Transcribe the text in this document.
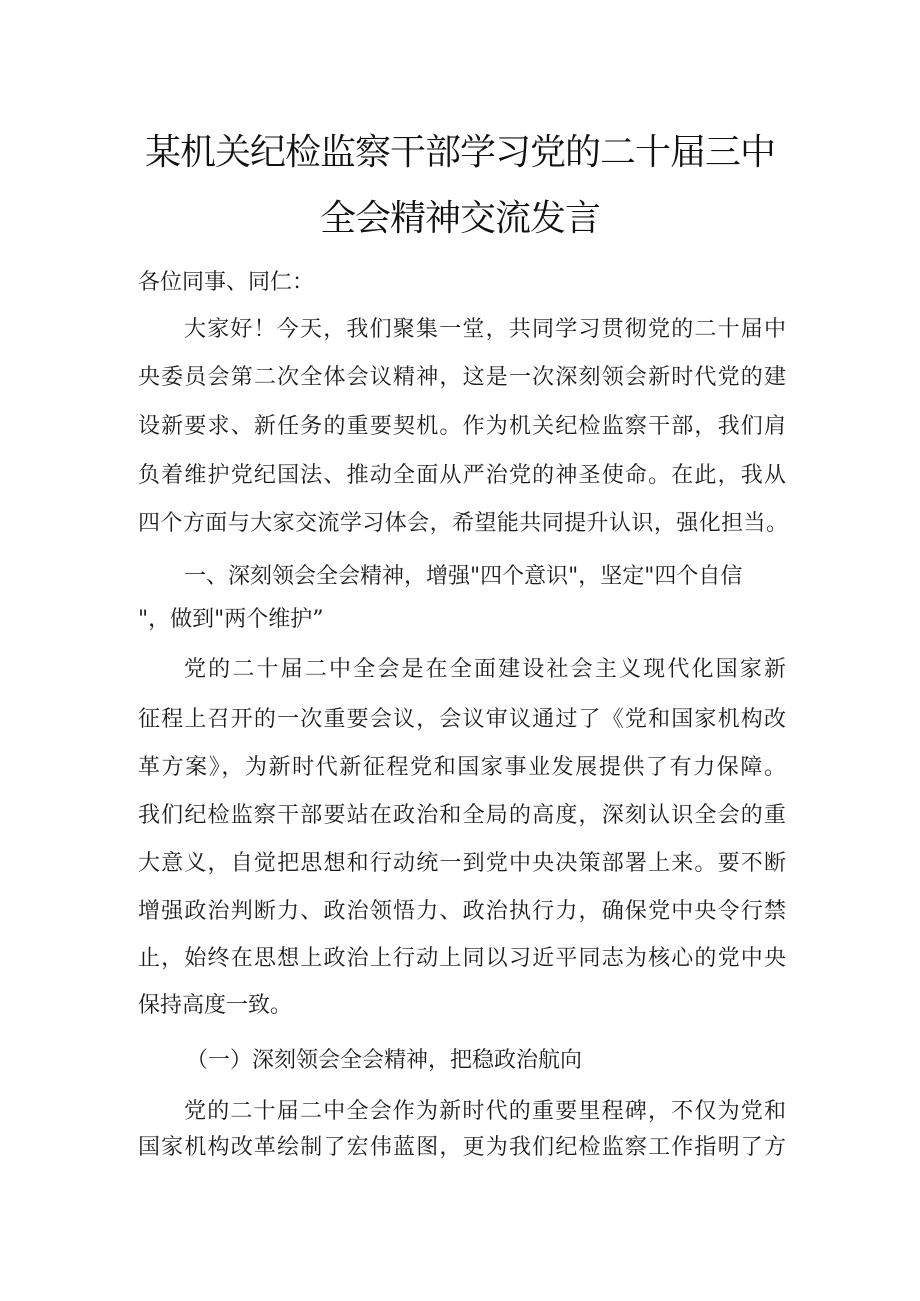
某机关纪检监察干部学习党的二十届三中
全会精神交流发言
各位同事、同仁：
大家好！今天，我们聚集一堂，共同学习贯彻党的二十届中
央委员会第二次全体会议精神，这是一次深刻领会新时代党的建
设新要求、新任务的重要契机。作为机关纪检监察干部，我们肩
负着维护党纪国法、推动全面从严治党的神圣使命。在此，我从
四个方面与大家交流学习体会，希望能共同提升认识，强化担当。
一、深刻领会全会精神，增强"四个意识"，坚定"四个自信
"，做到"两个维护”
党的二十届二中全会是在全面建设社会主义现代化国家新
征程上召开的一次重要会议，会议审议通过了《党和国家机构改
革方案》，为新时代新征程党和国家事业发展提供了有力保障。
我们纪检监察干部要站在政治和全局的高度，深刻认识全会的重
大意义，自觉把思想和行动统一到党中央决策部署上来。要不断
增强政治判断力、政治领悟力、政治执行力，确保党中央令行禁
止，始终在思想上政治上行动上同以习近平同志为核心的党中央
保持高度一致。
（一）深刻领会全会精神，把稳政治航向
党的二十届二中全会作为新时代的重要里程碑，不仅为党和
国家机构改革绘制了宏伟蓝图，更为我们纪检监察工作指明了方
